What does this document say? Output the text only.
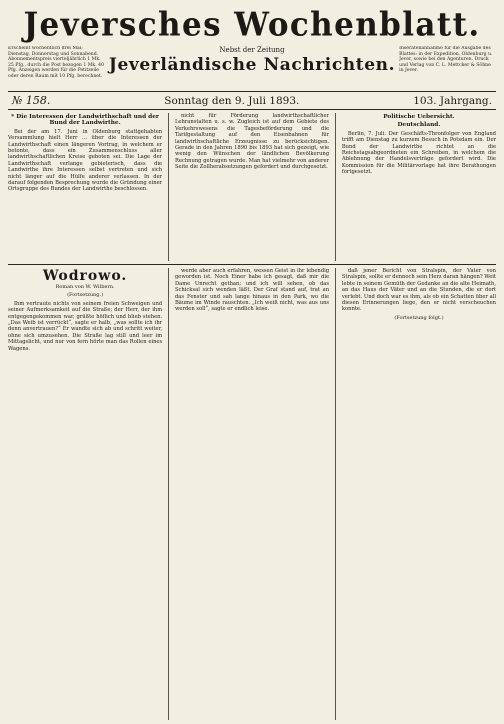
Jeversches Wochenblatt.
Erscheint wöchentlich drei Mal: Dienstag, Donnerstag und Sonnabend. Abonnementspreis vierteljährlich 1 Mk. 25 Pfg., durch die Post bezogen 1 Mk. 40 Pfg. Anzeigen werden für die Petitzeile oder deren Raum mit 10 Pfg. berechnet.
Nebst der Zeitung
Jeverländische Nachrichten.
Inseratenannahme für die Ausgabe des Blattes: in der Expedition, Oldenburg u. Jever, sowie bei den Agenturen. Druck und Verlag von C. L. Mettcker & Söhne in Jever.
№ 158.	Sonntag den 9. Juli 1893.	103. Jahrgang.
* Die Interessen der Landwirthschaft und der Bund der Landwirthe.

Bei der am 17. Juni in Oldenburg stattgehabten Versammlung hielt Herr ... über die Interessen der Landwirthschaft einen längeren Vortrag, in welchem er betonte, dass ein Zusammenschluss aller landwirthschaftlichen Kreise geboten sei. Die Lage der Landwirthschaft verlange gebieterisch, dass die Landwirthe ihre Interessen selbst vertreten und sich nicht länger auf die Hülfe anderer verlassen. In der darauf folgenden Besprechung wurde die Gründung einer Ortsgruppe des Bundes der Landwirthe beschlossen.

nicht für Förderung landwirthschaftlicher Lehranstalten u. s. w. Zugleich ist auf dem Gebiete des Verkehrswesens die Tagesbeförderung und die Tarifgestaltung auf den Eisenbahnen für landwirthschaftliche Erzeugnisse zu berücksichtigen. Gerade in den Jahren 1890 bis 1893 hat sich gezeigt, wie wenig den Wünschen der ländlichen Bevölkerung Rechnung getragen wurde. Man hat vielmehr von anderer Seite die Zollherabsetzungen gefordert und durchgesetzt.

Politische Uebersicht.
Deutschland.

Berlin, 7. Juli. Der Geschäfts-Thronfolger von England trifft am Dienstag zu kurzem Besuch in Potsdam ein. Der Bund der Landwirthe richtet an die Reichstagsabgeordneten ein Schreiben, in welchem die Ablehnung der Handelsverträge gefordert wird. Die Kommission für die Militärvorlage hat ihre Berathungen fortgesetzt.

Wodrowo.
Roman von W. Wilbern.
(Fortsetzung.)

Ihm vertraute nichts von seinem freien Schweigen und seiner Aufmerksamkeit auf die Straße; der Herr, der ihm entgegengekommen war, grüßte höflich und blieb stehen. „Das Weib ist verrückt“, sagte er halb, „was sollte ich ihr denn anvertrauen?“ Er wandte sich ab und schritt weiter, ohne sich umzusehen. Die Straße lag still und leer im Mittagslicht, und nur von fern hörte man das Rollen eines Wagens.

werde aber auch erfahren, wessen Geist in ihr lebendig geworden ist. Noch Einer habe ich gesagt, daß mir die Dame Unrecht gethan; und ich will sehen, ob das Schicksal sich wenden läßt. Der Graf stand auf, trat an das Fenster und sah lange hinaus in den Park, wo die Bäume im Winde rauschten. „Ich weiß nicht, was aus uns werden soll“, sagte er endlich leise.

daß jener Bericht von Stralspin, der Vater von Stralspin, sollte er dennoch sein Herz daran hängen? Weit lebte in seinem Gemüth der Gedanke an die alte Heimath, an das Haus der Väter und an die Stunden, die er dort verlebt. Und doch war es ihm, als ob ein Schatten über all diesen Erinnerungen liege, den er nicht verscheuchen konnte.

(Fortsetzung folgt.)
